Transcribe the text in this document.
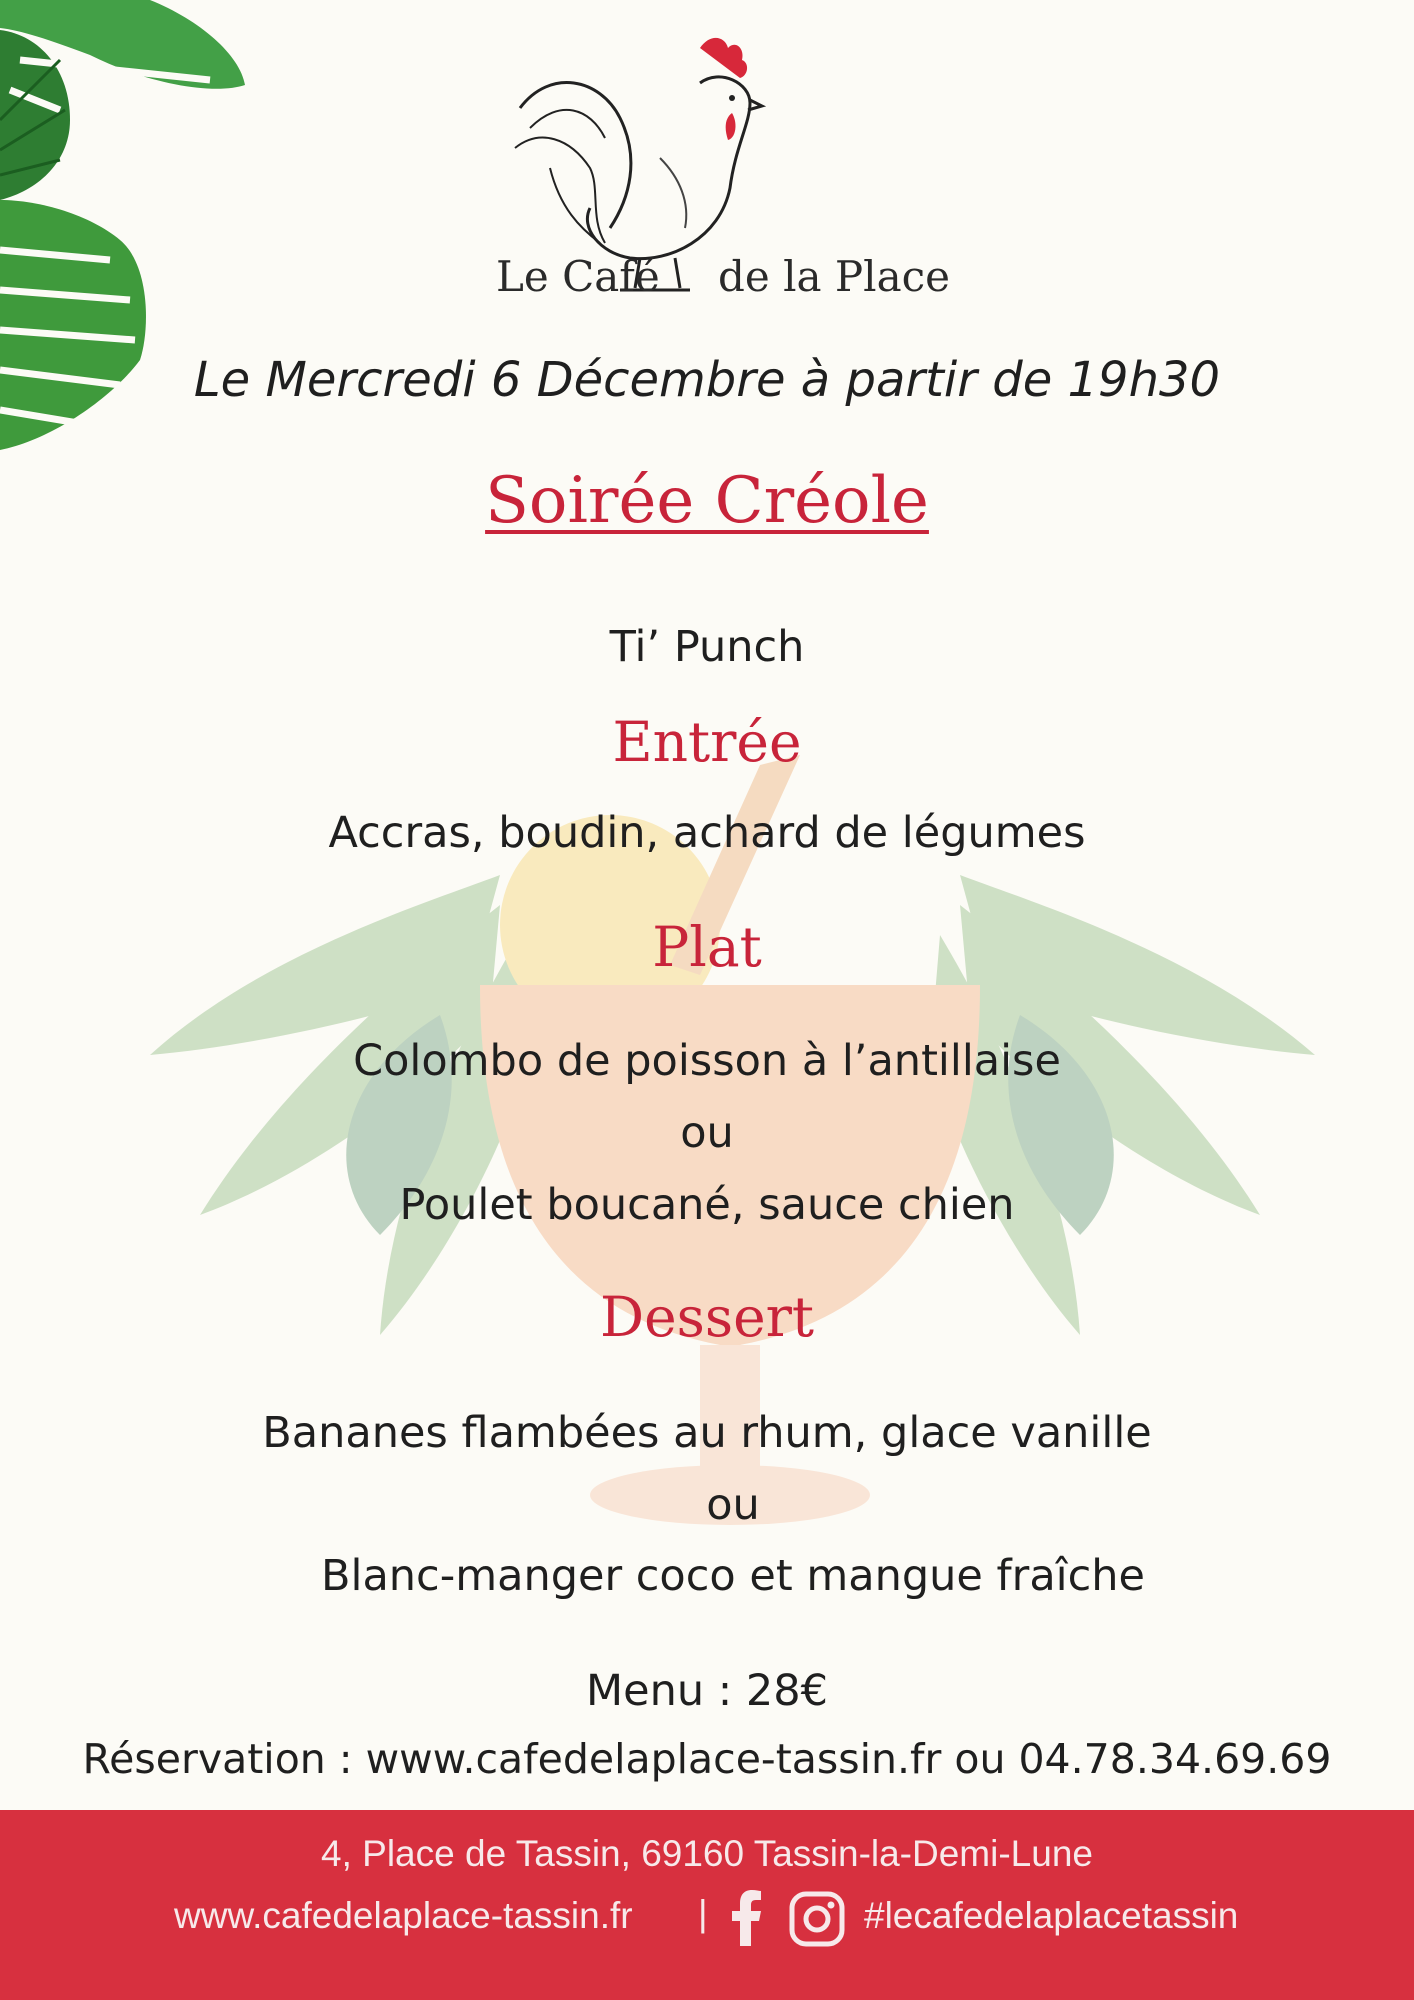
Le Café de la Place
Le Mercredi 6 Décembre à partir de 19h30
Soirée Créole
Ti’ Punch
Entrée
Accras, boudin, achard de légumes
Plat
Colombo de poisson à l’antillaise
ou
Poulet boucané, sauce chien
Dessert
Bananes flambées au rhum, glace vanille
ou
Blanc-manger coco et mangue fraîche
Menu : 28€
Réservation : www.cafedelaplace-tassin.fr ou 04.78.34.69.69
4, Place de Tassin, 69160 Tassin-la-Demi-Lune
www.cafedelaplace-tassin.fr |	#lecafedelaplacetassin
